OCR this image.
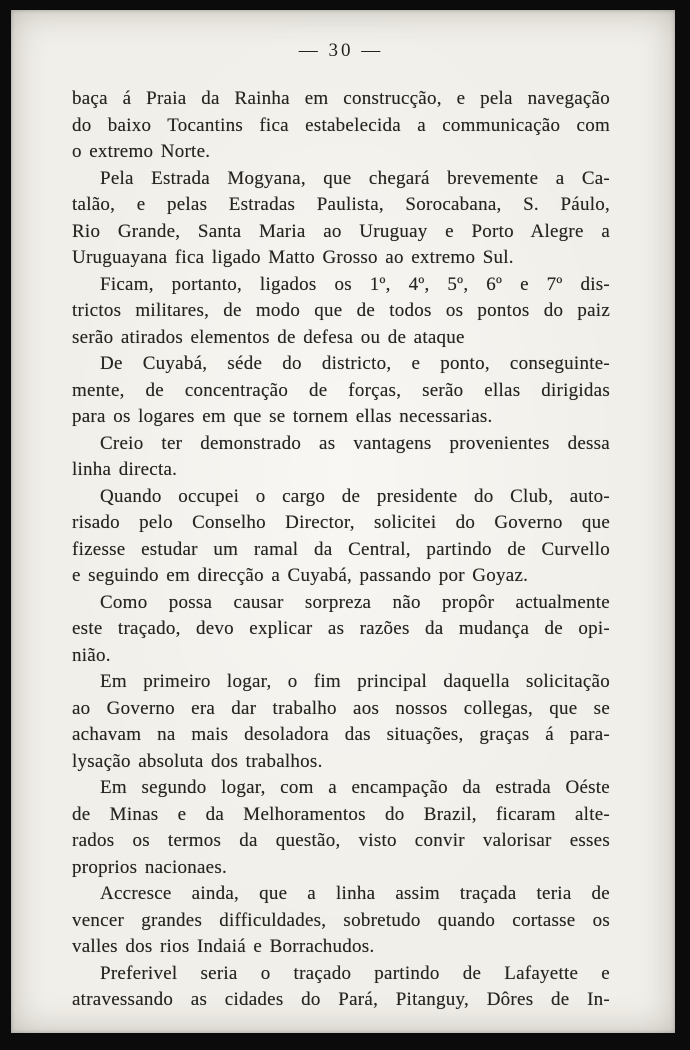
— 30 —
baça á Praia da Rainha em construcção, e pela navegação
do baixo Tocantins fica estabelecida a communicação com
o extremo Norte.
Pela Estrada Mogyana, que chegará brevemente a Ca-
talão, e pelas Estradas Paulista, Sorocabana, S. Páulo,
Rio Grande, Santa Maria ao Uruguay e Porto Alegre a
Uruguayana fica ligado Matto Grosso ao extremo Sul.
Ficam, portanto, ligados os 1º, 4º, 5º, 6º e 7º dis-
trictos militares, de modo que de todos os pontos do paiz
serão atirados elementos de defesa ou de ataque
De Cuyabá, séde do districto, e ponto, conseguinte-
mente, de concentração de forças, serão ellas dirigidas
para os logares em que se tornem ellas necessarias.
Creio ter demonstrado as vantagens provenientes dessa
linha directa.
Quando occupei o cargo de presidente do Club, auto-
risado pelo Conselho Director, solicitei do Governo que
fizesse estudar um ramal da Central, partindo de Curvello
e seguindo em direcção a Cuyabá, passando por Goyaz.
Como possa causar sorpreza não propôr actualmente
este traçado, devo explicar as razões da mudança de opi-
nião.
Em primeiro logar, o fim principal daquella solicitação
ao Governo era dar trabalho aos nossos collegas, que se
achavam na mais desoladora das situações, graças á para-
lysação absoluta dos trabalhos.
Em segundo logar, com a encampação da estrada Oéste
de Minas e da Melhoramentos do Brazil, ficaram alte-
rados os termos da questão, visto convir valorisar esses
proprios nacionaes.
Accresce ainda, que a linha assim traçada teria de
vencer grandes difficuldades, sobretudo quando cortasse os
valles dos rios Indaiá e Borrachudos.
Preferivel seria o traçado partindo de Lafayette e
atravessando as cidades do Pará, Pitanguy, Dôres de In-
